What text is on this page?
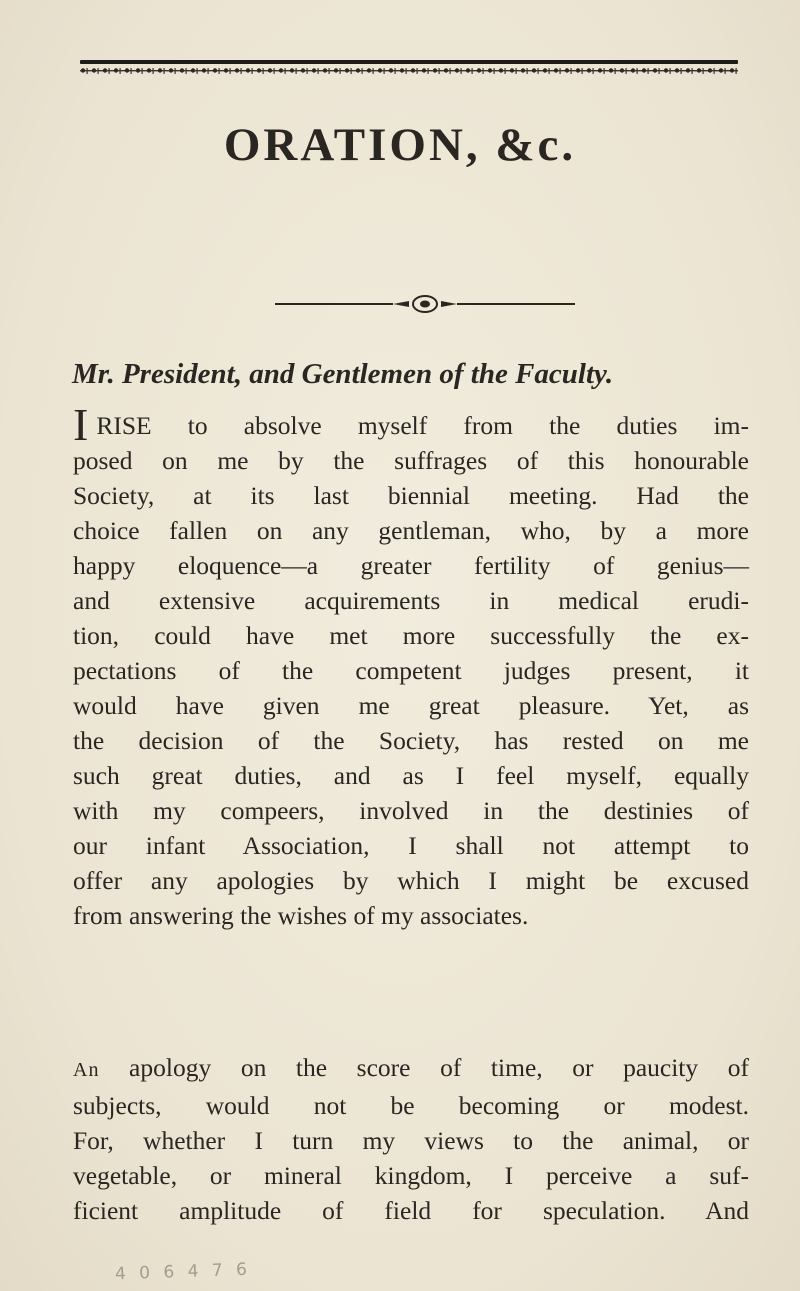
ORATION, &c.

Mr. President, and Gentlemen of the Faculty.

IRISE to absolve myself from the duties im-
posed on me by the suffrages of this honourable
Society, at its last biennial meeting. Had the
choice fallen on any gentleman, who, by a more
happy eloquence—a greater fertility of genius—
and extensive acquirements in medical erudi-
tion, could have met more successfully the ex-
pectations of the competent judges present, it
would have given me great pleasure. Yet, as
the decision of the Society, has rested on me
such great duties, and as I feel myself, equally
with my compeers, involved in the destinies of
our infant Association, I shall not attempt to
offer any apologies by which I might be excused
from answering the wishes of my associates.
An apology on the score of time, or paucity of
subjects, would not be becoming or modest.
For, whether I turn my views to the animal, or
vegetable, or mineral kingdom, I perceive a suf-
ficient amplitude of field for speculation. And
4 0 6 4 7 6
